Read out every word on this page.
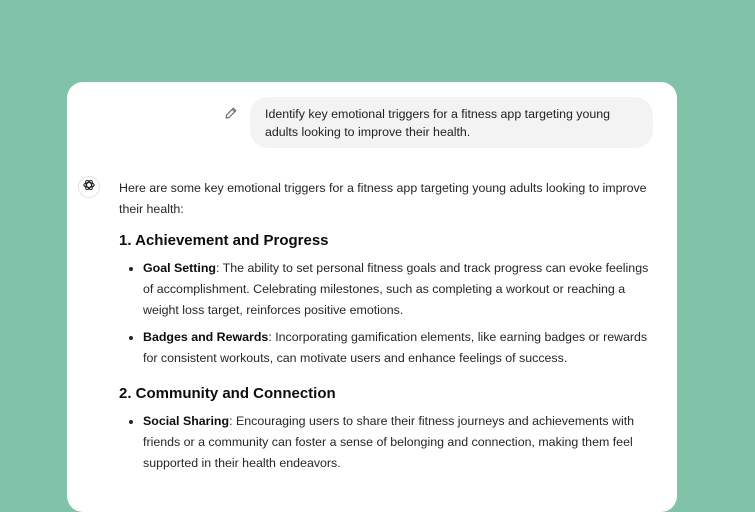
Identify key emotional triggers for a fitness app targeting young adults looking to improve their health.

Here are some key emotional triggers for a fitness app targeting young adults looking to improve their health:

1. Achievement and Progress
Goal Setting: The ability to set personal fitness goals and track progress can evoke feelings of accomplishment. Celebrating milestones, such as completing a workout or reaching a weight loss target, reinforces positive emotions.
Badges and Rewards: Incorporating gamification elements, like earning badges or rewards for consistent workouts, can motivate users and enhance feelings of success.
2. Community and Connection
Social Sharing: Encouraging users to share their fitness journeys and achievements with friends or a community can foster a sense of belonging and connection, making them feel supported in their health endeavors.
